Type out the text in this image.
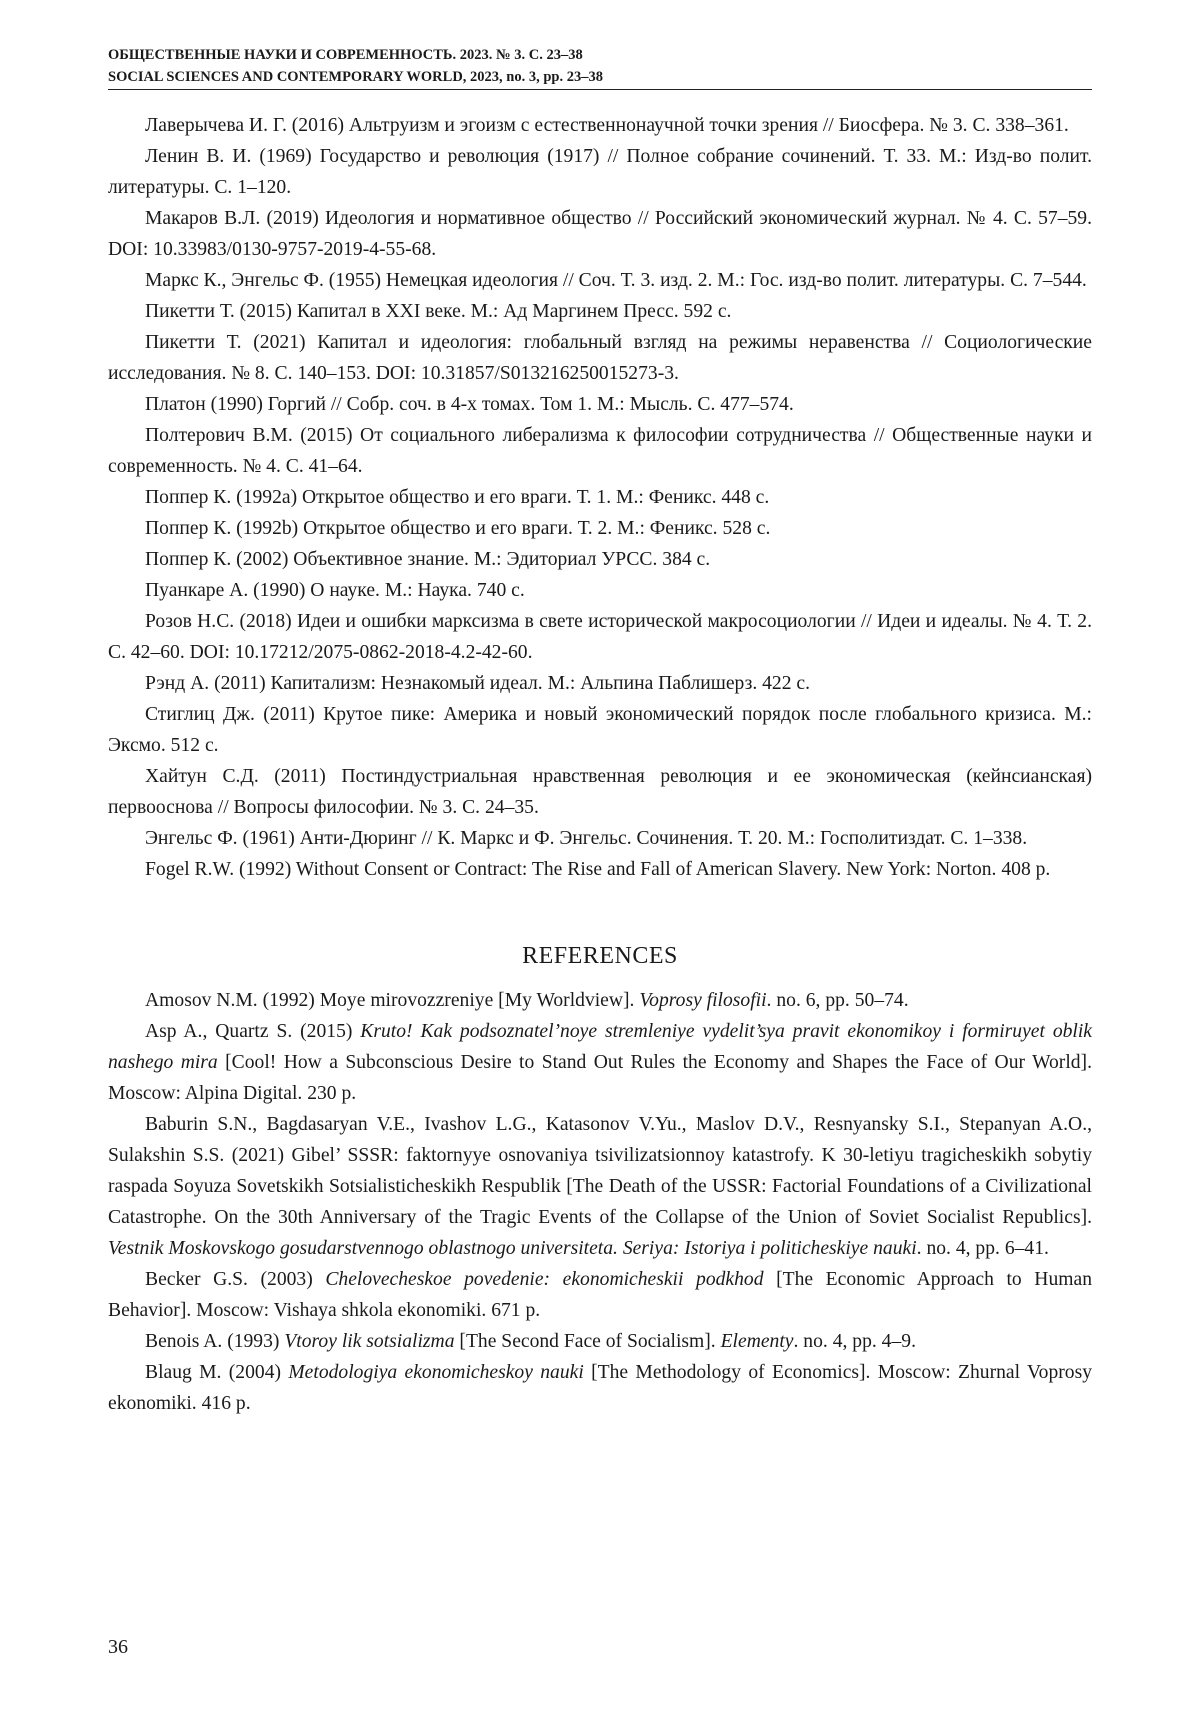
ОБЩЕСТВЕННЫЕ НАУКИ И СОВРЕМЕННОСТЬ. 2023. № 3. С. 23–38
SOCIAL SCIENCES AND CONTEMPORARY WORLD, 2023, no. 3, pp. 23–38

Лаверычева И. Г. (2016) Альтруизм и эгоизм с естественнонаучной точки зрения // Биосфера. № 3. С. 338–361.

Ленин В. И. (1969) Государство и революция (1917) // Полное собрание сочинений. Т. 33. М.: Изд-во полит. литературы. С. 1–120.

Макаров В.Л. (2019) Идеология и нормативное общество // Российский экономический журнал. № 4. С. 57–59. DOI: 10.33983/0130-9757-2019-4-55-68.

Маркс К., Энгельс Ф. (1955) Немецкая идеология // Соч. Т. 3. изд. 2. М.: Гос. изд-во полит. литературы. С. 7–544.

Пикетти Т. (2015) Капитал в XXI веке. М.: Ад Маргинем Пресс. 592 с.

Пикетти Т. (2021) Капитал и идеология: глобальный взгляд на режимы неравенства // Социологические исследования. № 8. С. 140–153. DOI: 10.31857/S013216250015273-3.

Платон (1990) Горгий // Собр. соч. в 4-х томах. Том 1. М.: Мысль. С. 477–574.

Полтерович В.М. (2015) От социального либерализма к философии сотрудничества // Общественные науки и современность. № 4. С. 41–64.

Поппер К. (1992a) Открытое общество и его враги. Т. 1. М.: Феникс. 448 с.

Поппер К. (1992b) Открытое общество и его враги. Т. 2. М.: Феникс. 528 с.

Поппер К. (2002) Объективное знание. М.: Эдиториал УРСС. 384 с.

Пуанкаре А. (1990) О науке. М.: Наука. 740 с.

Розов Н.С. (2018) Идеи и ошибки марксизма в свете исторической макросоциологии // Идеи и идеалы. № 4. Т. 2. С. 42–60. DOI: 10.17212/2075-0862-2018-4.2-42-60.

Рэнд А. (2011) Капитализм: Незнакомый идеал. М.: Альпина Паблишерз. 422 с.

Стиглиц Дж. (2011) Крутое пике: Америка и новый экономический порядок после глобального кризиса. М.: Эксмо. 512 с.

Хайтун С.Д. (2011) Постиндустриальная нравственная революция и ее экономическая (кейнсианская) первооснова // Вопросы философии. № 3. С. 24–35.

Энгельс Ф. (1961) Анти-Дюринг // К. Маркс и Ф. Энгельс. Сочинения. Т. 20. М.: Госполитиздат. С. 1–338.

Fogel R.W. (1992) Without Consent or Contract: The Rise and Fall of American Slavery. New York: Norton. 408 p.

REFERENCES

Amosov N.M. (1992) Moye mirovozzreniye [My Worldview]. Voprosy filosofii. no. 6, pp. 50–74.

Asp A., Quartz S. (2015) Kruto! Kak podsoznatel’noye stremleniye vydelit’sya pravit ekonomikoy i formiruyet oblik nashego mira [Cool! How a Subconscious Desire to Stand Out Rules the Economy and Shapes the Face of Our World]. Moscow: Alpina Digital. 230 p.

Baburin S.N., Bagdasaryan V.E., Ivashov L.G., Katasonov V.Yu., Maslov D.V., Resnyansky S.I., Stepanyan A.O., Sulakshin S.S. (2021) Gibel’ SSSR: faktornyye osnovaniya tsivilizatsionnoy katastrofy. K 30-letiyu tragicheskikh sobytiy raspada Soyuza Sovetskikh Sotsialisticheskikh Respublik [The Death of the USSR: Factorial Foundations of a Civilizational Catastrophe. On the 30th Anniversary of the Tragic Events of the Collapse of the Union of Soviet Socialist Republics]. Vestnik Moskovskogo gosudarstvennogo oblastnogo universiteta. Seriya: Istoriya i politicheskiye nauki. no. 4, pp. 6–41.

Becker G.S. (2003) Chelovecheskoe povedenie: ekonomicheskii podkhod [The Economic Approach to Human Behavior]. Moscow: Vishaya shkola ekonomiki. 671 p.

Benois A. (1993) Vtoroy lik sotsializma [The Second Face of Socialism]. Elementy. no. 4, pp. 4–9.

Blaug M. (2004) Metodologiya ekonomicheskoy nauki [The Methodology of Economics]. Moscow: Zhurnal Voprosy ekonomiki. 416 p.

36
